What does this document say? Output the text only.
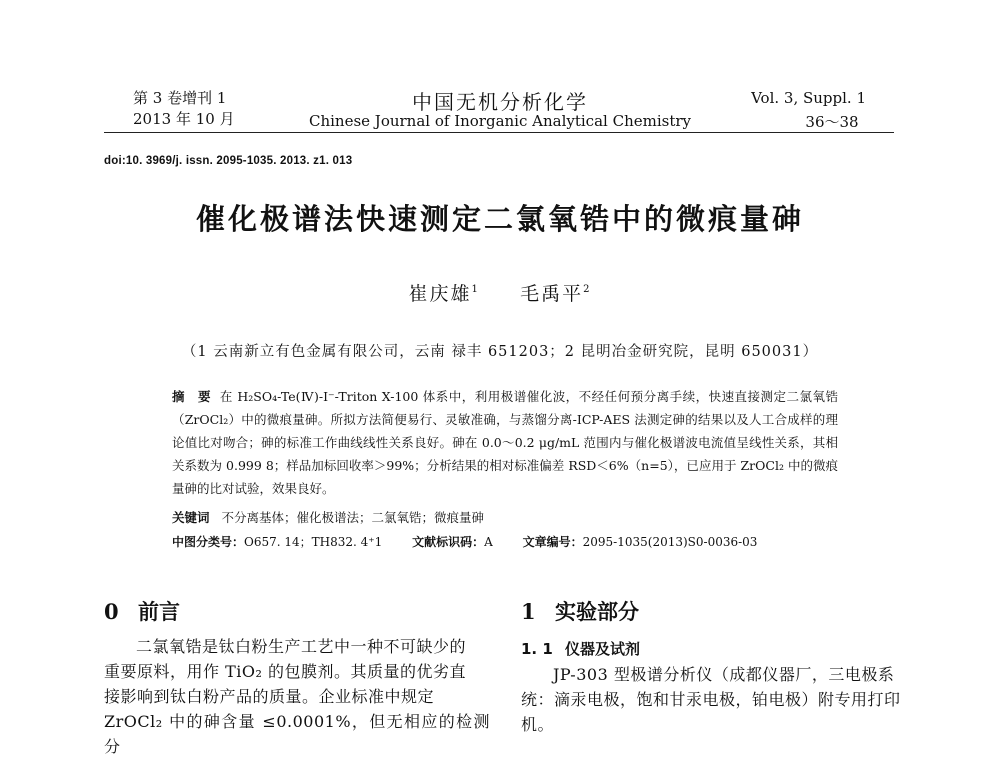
第 3 卷增刊 1
2013 年 10 月
中国无机分析化学
Chinese Journal of Inorganic Analytical Chemistry
Vol. 3, Suppl. 1
36～38
doi:10. 3969/j. issn. 2095-1035. 2013. z1. 013
催化极谱法快速测定二氯氧锆中的微痕量砷
崔庆雄$^1$ 毛禹平$^2$
（1 云南新立有色金属有限公司，云南 禄丰 651203；2 昆明冶金研究院，昆明 650031）
摘　要 在 H₂SO₄-Te(Ⅳ)-I⁻-Triton X-100 体系中，利用极谱催化波，不经任何预分离手续，快速直接测定二氯氧锆（ZrOCl₂）中的微痕量砷。所拟方法简便易行、灵敏准确，与蒸馏分离-ICP-AES 法测定砷的结果以及人工合成样的理论值比对吻合；砷的标准工作曲线线性关系良好。砷在 0.0～0.2 μg/mL 范围内与催化极谱波电流值呈线性关系，其相关系数为 0.999 8；样品加标回收率＞99%；分析结果的相对标准偏差 RSD＜6%（n=5），已应用于 ZrOCl₂ 中的微痕量砷的比对试验，效果良好。
关键词 不分离基体；催化极谱法；二氯氧锆；微痕量砷
中图分类号：O657. 14；TH832. 4⁺1 文献标识码：A 文章编号：2095-1035(2013)S0-0036-03
0 前言
二氯氧锆是钛白粉生产工艺中一种不可缺少的
重要原料，用作 TiO₂ 的包膜剂。其质量的优劣直
接影响到钛白粉产品的质量。企业标准中规定
ZrOCl₂ 中的砷含量 ≤0.0001%，但无相应的检测分
1 实验部分
1. 1 仪器及试剂
JP-303 型极谱分析仪（成都仪器厂，三电极系
统：滴汞电极，饱和甘汞电极，铂电极）附专用打印
机。
